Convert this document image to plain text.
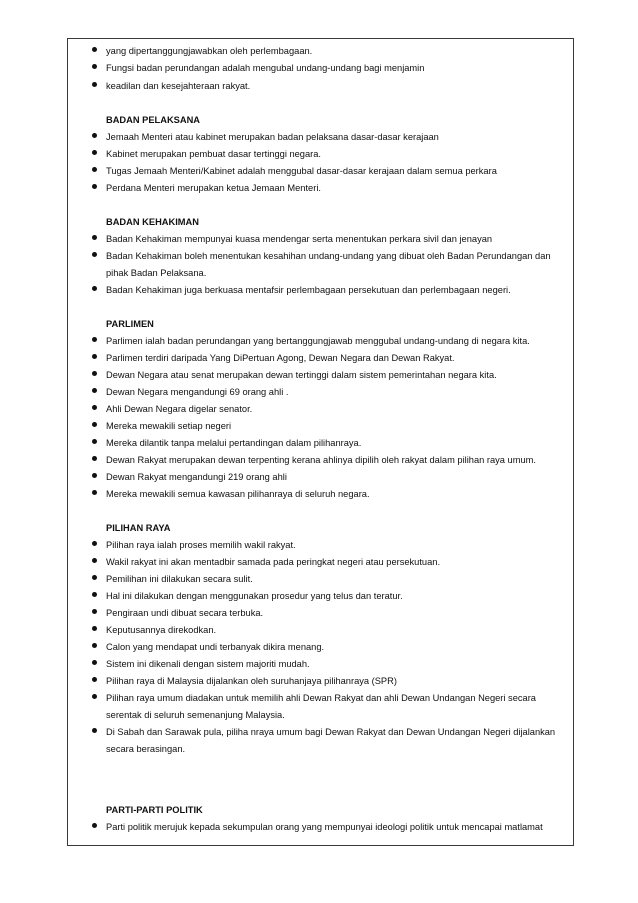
yang dipertanggungjawabkan oleh perlembagaan.
Fungsi badan perundangan adalah mengubal undang-undang bagi menjamin
keadilan dan kesejahteraan rakyat.
BADAN PELAKSANA
Jemaah Menteri atau kabinet merupakan badan pelaksana dasar-dasar kerajaan
Kabinet merupakan pembuat dasar tertinggi negara.
Tugas Jemaah Menteri/Kabinet adalah menggubal dasar-dasar kerajaan dalam semua perkara
Perdana Menteri merupakan ketua Jemaan Menteri.
BADAN KEHAKIMAN
Badan Kehakiman mempunyai kuasa mendengar serta menentukan perkara sivil dan jenayan
Badan Kehakiman boleh menentukan kesahihan undang-undang yang dibuat oleh Badan Perundangan dan
pihak Badan Pelaksana.
Badan Kehakiman juga berkuasa mentafsir perlembagaan persekutuan dan perlembagaan negeri.
PARLIMEN
Parlimen ialah badan perundangan yang bertanggungjawab menggubal undang-undang di negara kita.
Parlimen terdiri daripada Yang DiPertuan Agong, Dewan Negara dan Dewan Rakyat.
Dewan Negara atau senat merupakan dewan tertinggi dalam sistem pemerintahan negara kita.
Dewan Negara mengandungi 69 orang ahli .
Ahli Dewan Negara digelar senator.
Mereka mewakili setiap negeri
Mereka dilantik tanpa melalui pertandingan dalam pilihanraya.
Dewan Rakyat merupakan dewan terpenting kerana ahlinya dipilih oleh rakyat dalam pilihan raya umum.
Dewan Rakyat mengandungi 219 orang ahli
Mereka mewakili semua kawasan pilihanraya di seluruh negara.
PILIHAN RAYA
Pilihan raya ialah proses memilih wakil rakyat.
Wakil rakyat ini akan mentadbir samada pada peringkat negeri atau persekutuan.
Pemilihan ini dilakukan secara sulit.
Hal ini dilakukan dengan menggunakan prosedur yang telus dan teratur.
Pengiraan undi dibuat secara terbuka.
Keputusannya direkodkan.
Calon yang mendapat undi terbanyak dikira menang.
Sistem ini dikenali dengan sistem majoriti mudah.
Pilihan raya di Malaysia dijalankan oleh suruhanjaya pilihanraya (SPR)
Pilihan raya umum diadakan untuk memilih ahli Dewan Rakyat dan ahli Dewan Undangan Negeri secara
serentak di seluruh semenanjung Malaysia.
Di Sabah dan Sarawak pula, piliha nraya umum bagi Dewan Rakyat dan Dewan Undangan Negeri dijalankan
secara berasingan.
PARTI-PARTI POLITIK
Parti politik merujuk kepada sekumpulan orang yang mempunyai ideologi politik untuk mencapai matlamat
